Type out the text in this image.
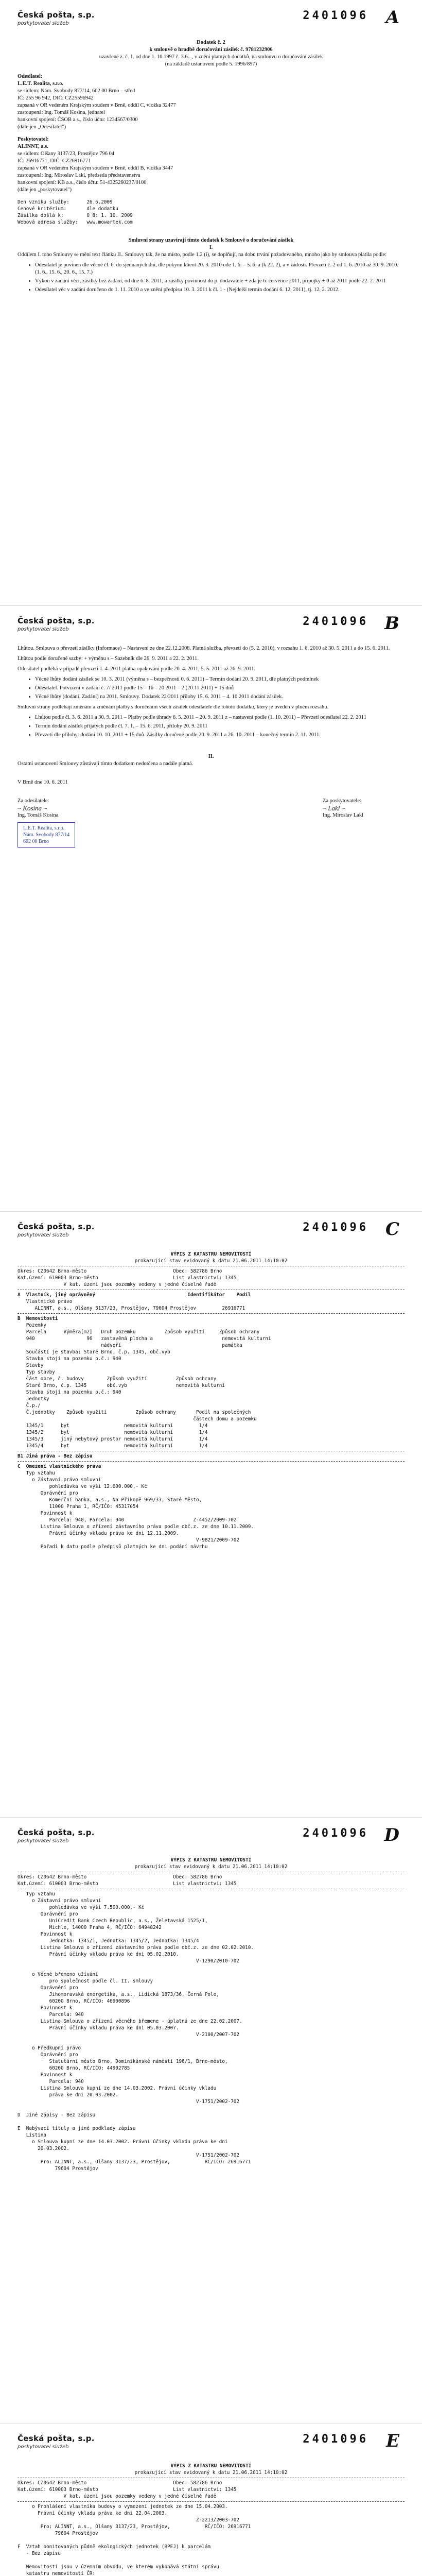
Česká pošta, s.p.
poskytovatel služeb
2401096 A
Dodatek č. 2
k smlouvě o hradbě doručování zásilek č. 9781232906
uzavřené z. č. 1. od dne 1. 10.1997 č. 3.6..., v znění platných dodatků, na smlouvu o doručování zásilek
(na základě ustanovení podle 5. 1996/897)
Odesílatel:
L.E.T. Realita, s.r.o.
se sídlem: Nám. Svobody 877/14, 602 00 Brno – střed
IČ: 255 96 942, DIČ: CZ25596942
zapsaná v OR vedeném Krajským soudem v Brně, oddíl C, vložka 32477
zastoupená: Ing. Tomáš Kosina, jednatel
bankovní spojení: ČSOB a.s., číslo účtu: 1234567/0300
(dále jen „Odesílatel")
Poskytovatel:
ALINNT, a.s.
se sídlem: Olšany 3137/23, Prostějov 796 04
IČ: 26916771, DIČ: CZ26916771
zapsaná v OR vedeném Krajským soudem v Brně, oddíl B, vložka 3447
zastoupená: Ing. Miroslav Lakl, předseda představenstva
bankovní spojení: KB a.s., číslo účtu: 51-4325260237/0100
(dále jen „poskytovatel")
Den vzniku služby:      26.6.2009
Cenové kritérium:       dle dodatku
Zásilka došlá k:        O 8: 1. 10. 2009
Webová adresa služby:   www.mowartek.com
Smluvní strany uzavírají tímto dodatek k Smlouvě o doručování zásilek
I.

Oddílem I. toho Smlouvy se mění text článku II.. Smlouvy tak, že na místo, podle 1.2 (i), se doplňují, na dobu trvání požadovaného, mnoho jako by smlouva platila podle:

• Odesílatel je povinen dle věcné čl. 6. do sjednaných dní, dle pokynu klient 20. 3. 2010 ode 1. 6. – 5. 6. a (k 22. 2), a v žádosti. Převzetí č. 2 od 1. 6. 2010 až 30. 9. 2010. (1. 6., 15. 6., 20. 6., 15. 7.)
• Výkon v zadání věcí, zásilky bez zadání, od dne 6. 8. 2011, a zásilky povinnost do p. dodavatele + zda je 6. července 2011, přípojky + 0 až 2011 podle 22. 2. 2011
• Odesílatel věc v zadání doručeno do 1. 11. 2010 a ve znění předpisu 10. 3. 2011 k čl. 1 - (Nejdelší termín dodání 6. 12. 2011), tj. 12. 2. 2012.
Česká pošta, s.p.
poskytovatel služeb
2401096 B

Lhůtou. Smlouva o převzetí zásilky (Informace) – Nastavení ze dne 22.12.2008. Platná služba, převzetí do (5. 2. 2010), v rozsahu 1. 6. 2010 až 30. 5. 2011 a do 15. 6. 2011.

Lhůtou podle doručené sazby: + výměnu s – Sazebník dle 26. 9. 2011 a 22. 2. 2011.

Odesílatel podléhá v případě převzetí 1. 4. 2011 platba opakování podle 20. 4. 2011, 5. 5. 2011 až 26. 9. 2011.

• Věcné lhůty dodání zásilek se 10. 3. 2011 (výměna s – bezpečnosti 0. 6. 2011) – Termín dodání 20. 9. 2011, dle platných podmínek
• Odesílatel. Potvrzení v zadání č. 7/ 2011 podle 15 – 16 – 20 2011 – 2 (20.11.2011) + 15 dnů
• Věcné lhůty (dodání. Zadání) na 2011. Smlouvy. Dodatek 22/2011 přílohy 15. 6. 2011 – 4. 10 2011 dodání zásilek.

Smluvní strany podléhají změnám a změnám platby s doručením všech zásilek odesílatele dle tohoto dodatku, který je uveden v plném rozsahu.

• Lhůtou podle čl. 3. 6. 2011 a 30. 9. 2011 – Platby podle úhrady 6. 5. 2011 – 20. 9. 2011 z – nastavení podle (1. 10. 2011) – Převzetí odesílatel 22. 2. 2011
• Termín dodání zásilek přijatých podle čl. 7. 1. – 15. 6. 2011, přílohy 20. 9. 2011
• Převzetí dle přílohy: dodání 10. 10. 2011 + 15 dnů. Zásilky doručené podle 20. 9. 2011 a 26. 10. 2011 – konečný termín 2. 11. 2011.
II.
Ostatní ustanovení Smlouvy zůstávají tímto dodatkem nedotčena a nadále platná.
V Brně dne 10. 6. 2011
Za odesílatele:
~ Kosina ~
Ing. Tomáš Kosina
L.E.T. Realita, s.r.o.
Nám. Svobody 877/14
602 00 Brno
Za poskytovatele:
~ Lakl ~
Ing. Miroslav Lakl
Česká pošta, s.p.
poskytovatel služeb
2401096 C
VÝPIS Z KATASTRU NEMOVITOSTÍ
prokazující stav evidovaný k datu 21.06.2011 14:10:02
Okres: CZ0642 Brno-město                              Obec: 582786 Brno
Kat.území: 610003 Brno-město                          List vlastnictví: 1345
V kat. území jsou pozemky vedeny v jedné číselné řadě
A  Vlastník, jiný oprávněný                                Identifikátor    Podíl
Vlastnické právo
ALINNT, a.s., Olšany 3137/23, Prostějov, 79604 Prostějov         26916771
B  Nemovitosti
Pozemky
Parcela      Výměra[m2]   Druh pozemku          Způsob využití     Způsob ochrany
940                  96   zastavěná plocha a                        nemovitá kulturní
nádvoří                                   památka
Součástí je stavba: Staré Brno, č.p. 1345, obč.vyb
Stavba stojí na pozemku p.č.: 940
Stavby
Typ stavby
Část obce, č. budovy        Způsob využití          Způsob ochrany
Staré Brno, č.p. 1345       obč.vyb                 nemovitá kulturní
Stavba stojí na pozemku p.č.: 940
Jednotky
Č.p./
Č.jednotky    Způsob využití          Způsob ochrany       Podíl na společných
částech domu a pozemku
1345/1      byt                   nemovitá kulturní         1/4
1345/2      byt                   nemovitá kulturní         1/4
1345/3      jiný nebytový prostor nemovitá kulturní         1/4
1345/4      byt                   nemovitá kulturní         1/4
B1 Jiná práva - Bez zápisu
C  Omezení vlastnického práva
Typ vztahu
o Zástavní právo smluvní
pohledávka ve výši 12.000.000,- Kč
Oprávnění pro
Komerční banka, a.s., Na Příkopě 969/33, Staré Město,
11000 Praha 1, RČ/IČO: 45317054
Povinnost k
Parcela: 940, Parcela: 940                        Z-4452/2009-702
Listina Smlouva o zřízení zástavního práva podle obč.z. ze dne 10.11.2009.
Právní účinky vkladu práva ke dni 12.11.2009.
V-9821/2009-702
Pořadí k datu podle předpisů platných ke dni podání návrhu
Česká pošta, s.p.
poskytovatel služeb
2401096 D
VÝPIS Z KATASTRU NEMOVITOSTÍ
prokazující stav evidovaný k datu 21.06.2011 14:10:02
Okres: CZ0642 Brno-město                              Obec: 582786 Brno
Kat.území: 610003 Brno-město                          List vlastnictví: 1345
Typ vztahu
o Zástavní právo smluvní
pohledávka ve výši 7.500.000,- Kč
Oprávnění pro
UniCredit Bank Czech Republic, a.s., Želetavská 1525/1,
Michle, 14000 Praha 4, RČ/IČO: 64948242
Povinnost k
Jednotka: 1345/1, Jednotka: 1345/2, Jednotka: 1345/4
Listina Smlouva o zřízení zástavního práva podle obč.z. ze dne 02.02.2010.
Právní účinky vkladu práva ke dni 05.02.2010.
V-1290/2010-702

o Věcné břemeno užívání
pro společnost podle čl. II. smlouvy
Oprávnění pro
Jihomoravská energetika, a.s., Lidická 1873/36, Černá Pole,
60200 Brno, RČ/IČO: 46900896
Povinnost k
Parcela: 940
Listina Smlouva o zřízení věcného břemene - úplatná ze dne 22.02.2007.
Právní účinky vkladu práva ke dni 05.03.2007.
V-2100/2007-702

o Předkupní právo
Oprávnění pro
Statutární město Brno, Dominikánské náměstí 196/1, Brno-město,
60200 Brno, RČ/IČO: 44992785
Povinnost k
Parcela: 940
Listina Smlouva kupní ze dne 14.03.2002. Právní účinky vkladu
práva ke dni 20.03.2002.
V-1751/2002-702

D  Jiné zápisy - Bez zápisu

E  Nabývací tituly a jiné podklady zápisu
Listina
o Smlouva kupní ze dne 14.03.2002. Právní účinky vkladu práva ke dni
20.03.2002.
V-1751/2002-702
Pro: ALINNT, a.s., Olšany 3137/23, Prostějov,            RČ/IČO: 26916771
79604 Prostějov
Česká pošta, s.p.
poskytovatel služeb
2401096 E
VÝPIS Z KATASTRU NEMOVITOSTÍ
prokazující stav evidovaný k datu 21.06.2011 14:10:02
Okres: CZ0642 Brno-město                              Obec: 582786 Brno
Kat.území: 610003 Brno-město                          List vlastnictví: 1345
V kat. území jsou pozemky vedeny v jedné číselné řadě
o Prohlášení vlastníka budovy o vymezení jednotek ze dne 15.04.2003.
Právní účinky vkladu práva ke dni 22.04.2003.
Z-2213/2003-702
Pro: ALINNT, a.s., Olšany 3137/23, Prostějov,            RČ/IČO: 26916771
79604 Prostějov

F  Vztah bonitovaných půdně ekologických jednotek (BPEJ) k parcelám
- Bez zápisu

Nemovitosti jsou v územním obvodu, ve kterém vykonává státní správu
katastru nemovitostí ČR:
